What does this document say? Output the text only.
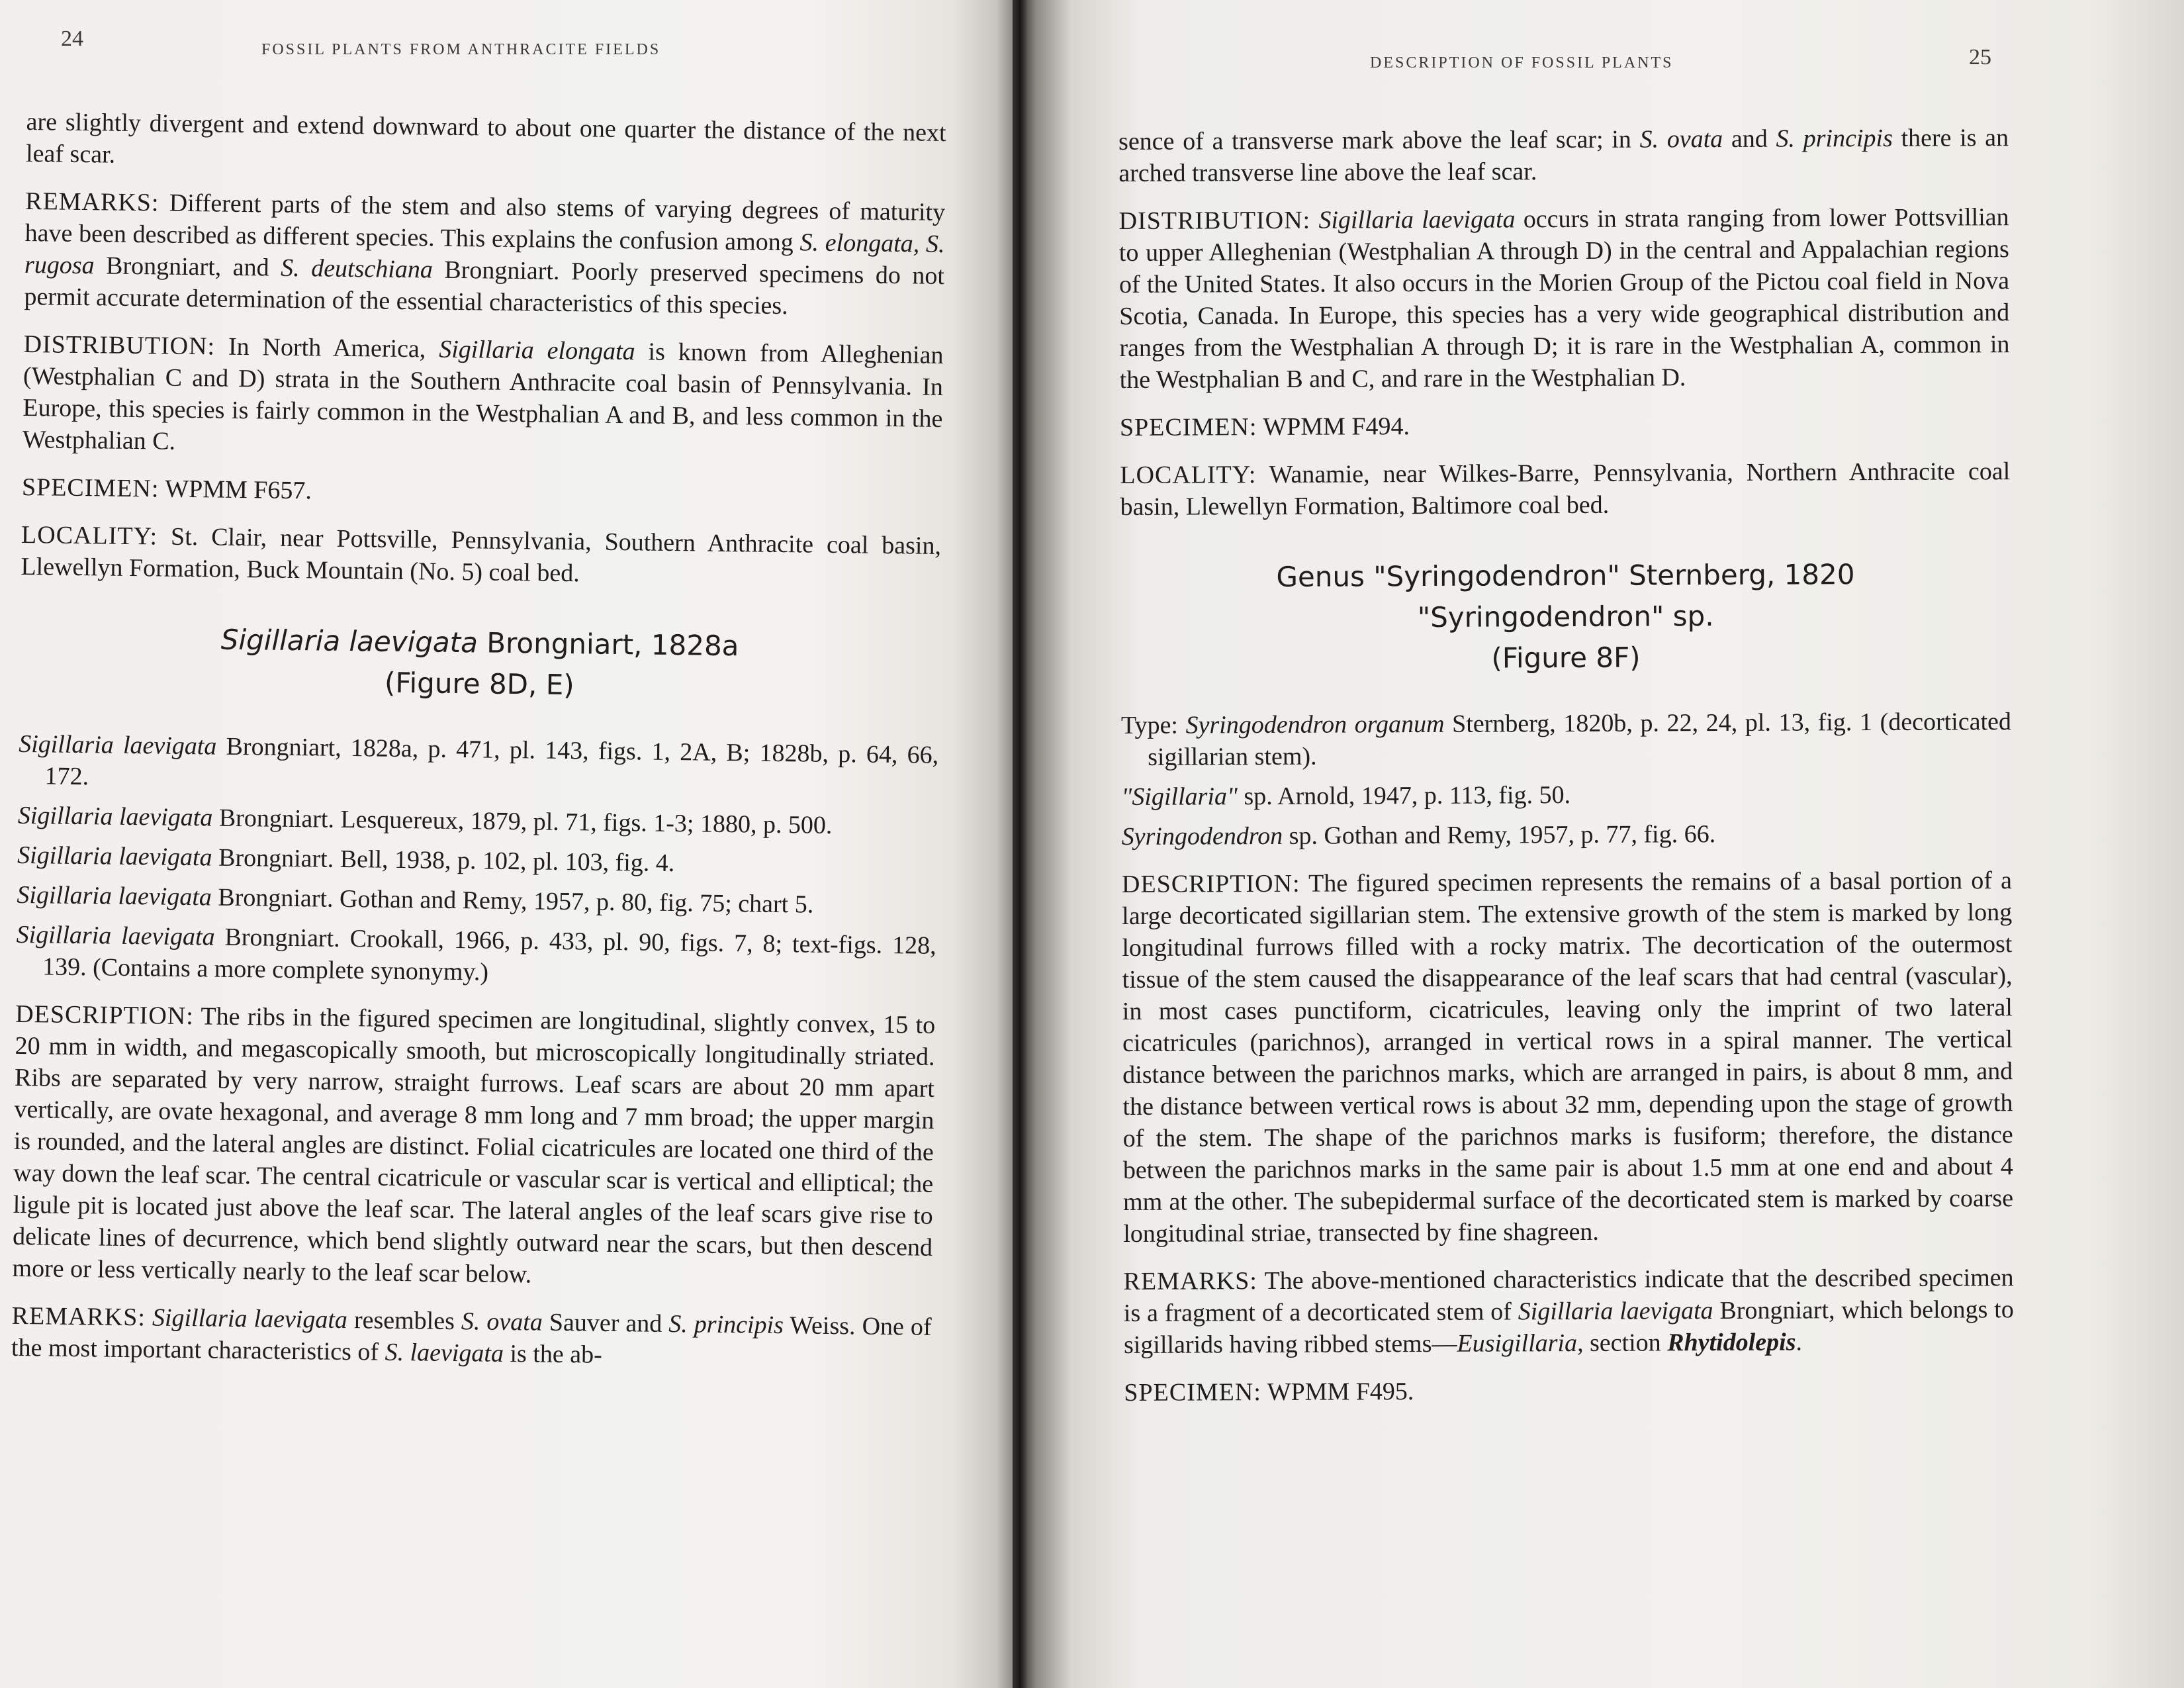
24	FOSSIL PLANTS FROM ANTHRACITE FIELDS

are slightly divergent and extend downward to about one quarter the distance of the next leaf scar.

REMARKS: Different parts of the stem and also stems of varying degrees of maturity have been described as different species. This explains the confusion among S. elongata, S. rugosa Brongniart, and S. deutschiana Brongniart. Poorly preserved specimens do not permit accurate determination of the essential characteristics of this species.

DISTRIBUTION: In North America, Sigillaria elongata is known from Alleghenian (Westphalian C and D) strata in the Southern Anthracite coal basin of Pennsylvania. In Europe, this species is fairly common in the Westphalian A and B, and less common in the Westphalian C.

SPECIMEN: WPMM F657.

LOCALITY: St. Clair, near Pottsville, Pennsylvania, Southern Anthracite coal basin, Llewellyn Formation, Buck Mountain (No. 5) coal bed.

Sigillaria laevigata Brongniart, 1828a
(Figure 8D, E)

Sigillaria laevigata Brongniart, 1828a, p. 471, pl. 143, figs. 1, 2A, B; 1828b, p. 64, 66, 172.

Sigillaria laevigata Brongniart. Lesquereux, 1879, pl. 71, figs. 1-3; 1880, p. 500.

Sigillaria laevigata Brongniart. Bell, 1938, p. 102, pl. 103, fig. 4.

Sigillaria laevigata Brongniart. Gothan and Remy, 1957, p. 80, fig. 75; chart 5.

Sigillaria laevigata Brongniart. Crookall, 1966, p. 433, pl. 90, figs. 7, 8; text-figs. 128, 139. (Contains a more complete synonymy.)

DESCRIPTION: The ribs in the figured specimen are longitudinal, slightly convex, 15 to 20 mm in width, and megascopically smooth, but microscopically longitudinally striated. Ribs are separated by very narrow, straight furrows. Leaf scars are about 20 mm apart vertically, are ovate hexagonal, and average 8 mm long and 7 mm broad; the upper margin is rounded, and the lateral angles are distinct. Folial cicatricules are located one third of the way down the leaf scar. The central cicatricule or vascular scar is vertical and elliptical; the ligule pit is located just above the leaf scar. The lateral angles of the leaf scars give rise to delicate lines of decurrence, which bend slightly outward near the scars, but then descend more or less vertically nearly to the leaf scar below.

REMARKS: Sigillaria laevigata resembles S. ovata Sauver and S. principis Weiss. One of the most important characteristics of S. laevigata is the ab-

DESCRIPTION OF FOSSIL PLANTS	25

sence of a transverse mark above the leaf scar; in S. ovata and S. principis there is an arched transverse line above the leaf scar.

DISTRIBUTION: Sigillaria laevigata occurs in strata ranging from lower Pottsvillian to upper Alleghenian (Westphalian A through D) in the central and Appalachian regions of the United States. It also occurs in the Morien Group of the Pictou coal field in Nova Scotia, Canada. In Europe, this species has a very wide geographical distribution and ranges from the Westphalian A through D; it is rare in the Westphalian A, common in the Westphalian B and C, and rare in the Westphalian D.

SPECIMEN: WPMM F494.

LOCALITY: Wanamie, near Wilkes-Barre, Pennsylvania, Northern Anthracite coal basin, Llewellyn Formation, Baltimore coal bed.

Genus "Syringodendron" Sternberg, 1820
"Syringodendron" sp.
(Figure 8F)

Type: Syringodendron organum Sternberg, 1820b, p. 22, 24, pl. 13, fig. 1 (decorticated sigillarian stem).

"Sigillaria" sp. Arnold, 1947, p. 113, fig. 50.

Syringodendron sp. Gothan and Remy, 1957, p. 77, fig. 66.

DESCRIPTION: The figured specimen represents the remains of a basal portion of a large decorticated sigillarian stem. The extensive growth of the stem is marked by long longitudinal furrows filled with a rocky matrix. The decortication of the outermost tissue of the stem caused the disappearance of the leaf scars that had central (vascular), in most cases punctiform, cicatricules, leaving only the imprint of two lateral cicatricules (parichnos), arranged in vertical rows in a spiral manner. The vertical distance between the parichnos marks, which are arranged in pairs, is about 8 mm, and the distance between vertical rows is about 32 mm, depending upon the stage of growth of the stem. The shape of the parichnos marks is fusiform; therefore, the distance between the parichnos marks in the same pair is about 1.5 mm at one end and about 4 mm at the other. The subepidermal surface of the decorticated stem is marked by coarse longitudinal striae, transected by fine shagreen.

REMARKS: The above-mentioned characteristics indicate that the described specimen is a fragment of a decorticated stem of Sigillaria laevigata Brongniart, which belongs to sigillarids having ribbed stems—Eusigillaria, section Rhytidolepis.

SPECIMEN: WPMM F495.
